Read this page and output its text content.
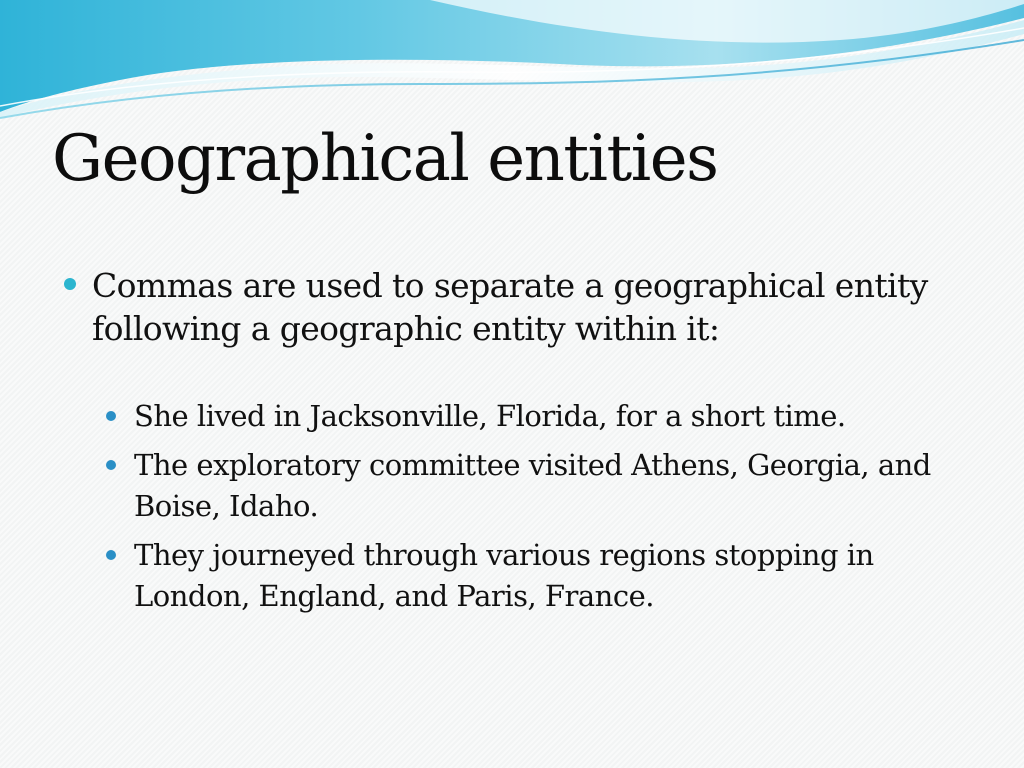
Geographical entities
Commas are used to separate a geographical entity following a geographic entity within it:
She lived in Jacksonville, Florida, for a short time.
The exploratory committee visited Athens, Georgia, and Boise, Idaho.
They journeyed through various regions stopping in London, England, and Paris, France.
